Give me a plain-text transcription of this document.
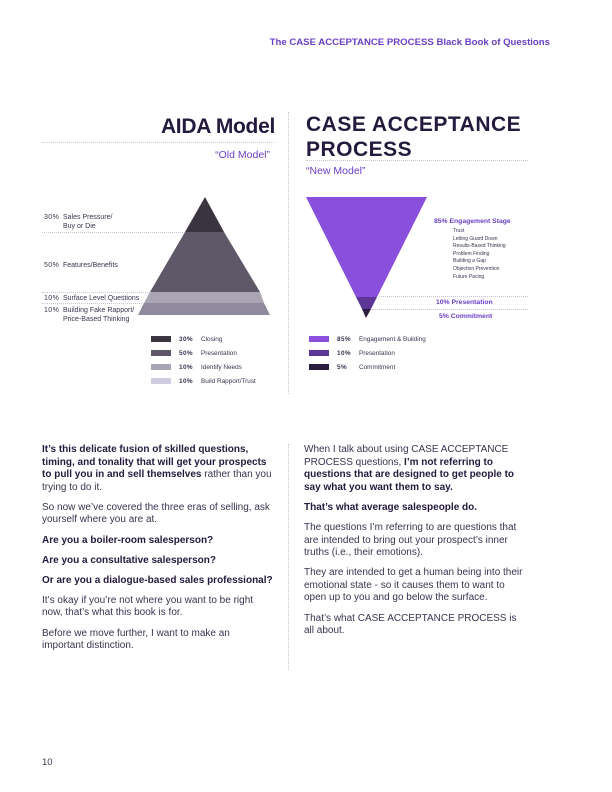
The CASE ACCEPTANCE PROCESS Black Book of Questions
AIDA Model
“Old Model”
CASE ACCEPTANCE PROCESS
“New Model”
30% Sales Pressure/
Buy or Die
50% Features/Benefits
10% Surface Level Questions
10% Building Fake Rapport/
Price-Based Thinking
30% Closing
50% Presentation
10% Identify Needs
10% Build Rapport/Trust
85% Engagement Stage
Trust
Letting Guard Down
Results-Based Thinking
Problem Finding
Building a Gap
Objection Prevention
Future Pacing
10% Presentation
5% Commitment
85% Engagement & Building
10% Presentation
5% Commitment

It’s this delicate fusion of skilled questions, timing, and tonality that will get your prospects to pull you in and sell themselves rather than you trying to do it.

So now we’ve covered the three eras of selling, ask yourself where you are at.

Are you a boiler-room salesperson?

Are you a consultative salesperson?

Or are you a dialogue-based sales professional?

It’s okay if you’re not where you want to be right now, that’s what this book is for.

Before we move further, I want to make an important distinction.

When I talk about using CASE ACCEPTANCE PROCESS questions, I’m not referring to questions that are designed to get people to say what you want them to say.

That’s what average salespeople do.

The questions I’m referring to are questions that are intended to bring out your prospect’s inner truths (i.e., their emotions).

They are intended to get a human being into their emotional state - so it causes them to want to open up to you and go below the surface.

That’s what CASE ACCEPTANCE PROCESS is all about.

10
